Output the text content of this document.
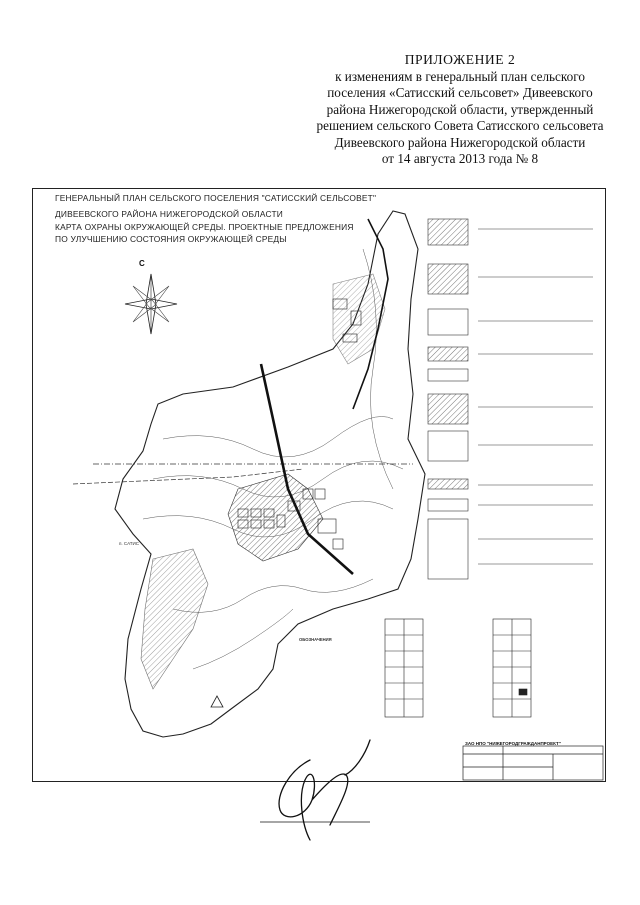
ПРИЛОЖЕНИЕ 2
к изменениям в генеральный план сельского
поселения «Сатисский сельсовет» Дивеевского
района Нижегородской области, утвержденный
решением сельского Совета Сатисского сельсовета
Дивеевского района Нижегородской области
от 14 августа 2013 года № 8
ГЕНЕРАЛЬНЫЙ ПЛАН СЕЛЬСКОГО ПОСЕЛЕНИЯ "САТИССКИЙ СЕЛЬСОВЕТ"
ДИВЕЕВСКОГО РАЙОНА НИЖЕГОРОДСКОЙ ОБЛАСТИ
КАРТА ОХРАНЫ ОКРУЖАЮЩЕЙ СРЕДЫ. ПРОЕКТНЫЕ ПРЕДЛОЖЕНИЯ
ПО УЛУЧШЕНИЮ СОСТОЯНИЯ ОКРУЖАЮЩЕЙ СРЕДЫ
С
п. САТИС
ОБОЗНАЧЕНИЯ
ЗАО НПО "НИЖЕГОРОДГРАЖДАНПРОЕКТ"
